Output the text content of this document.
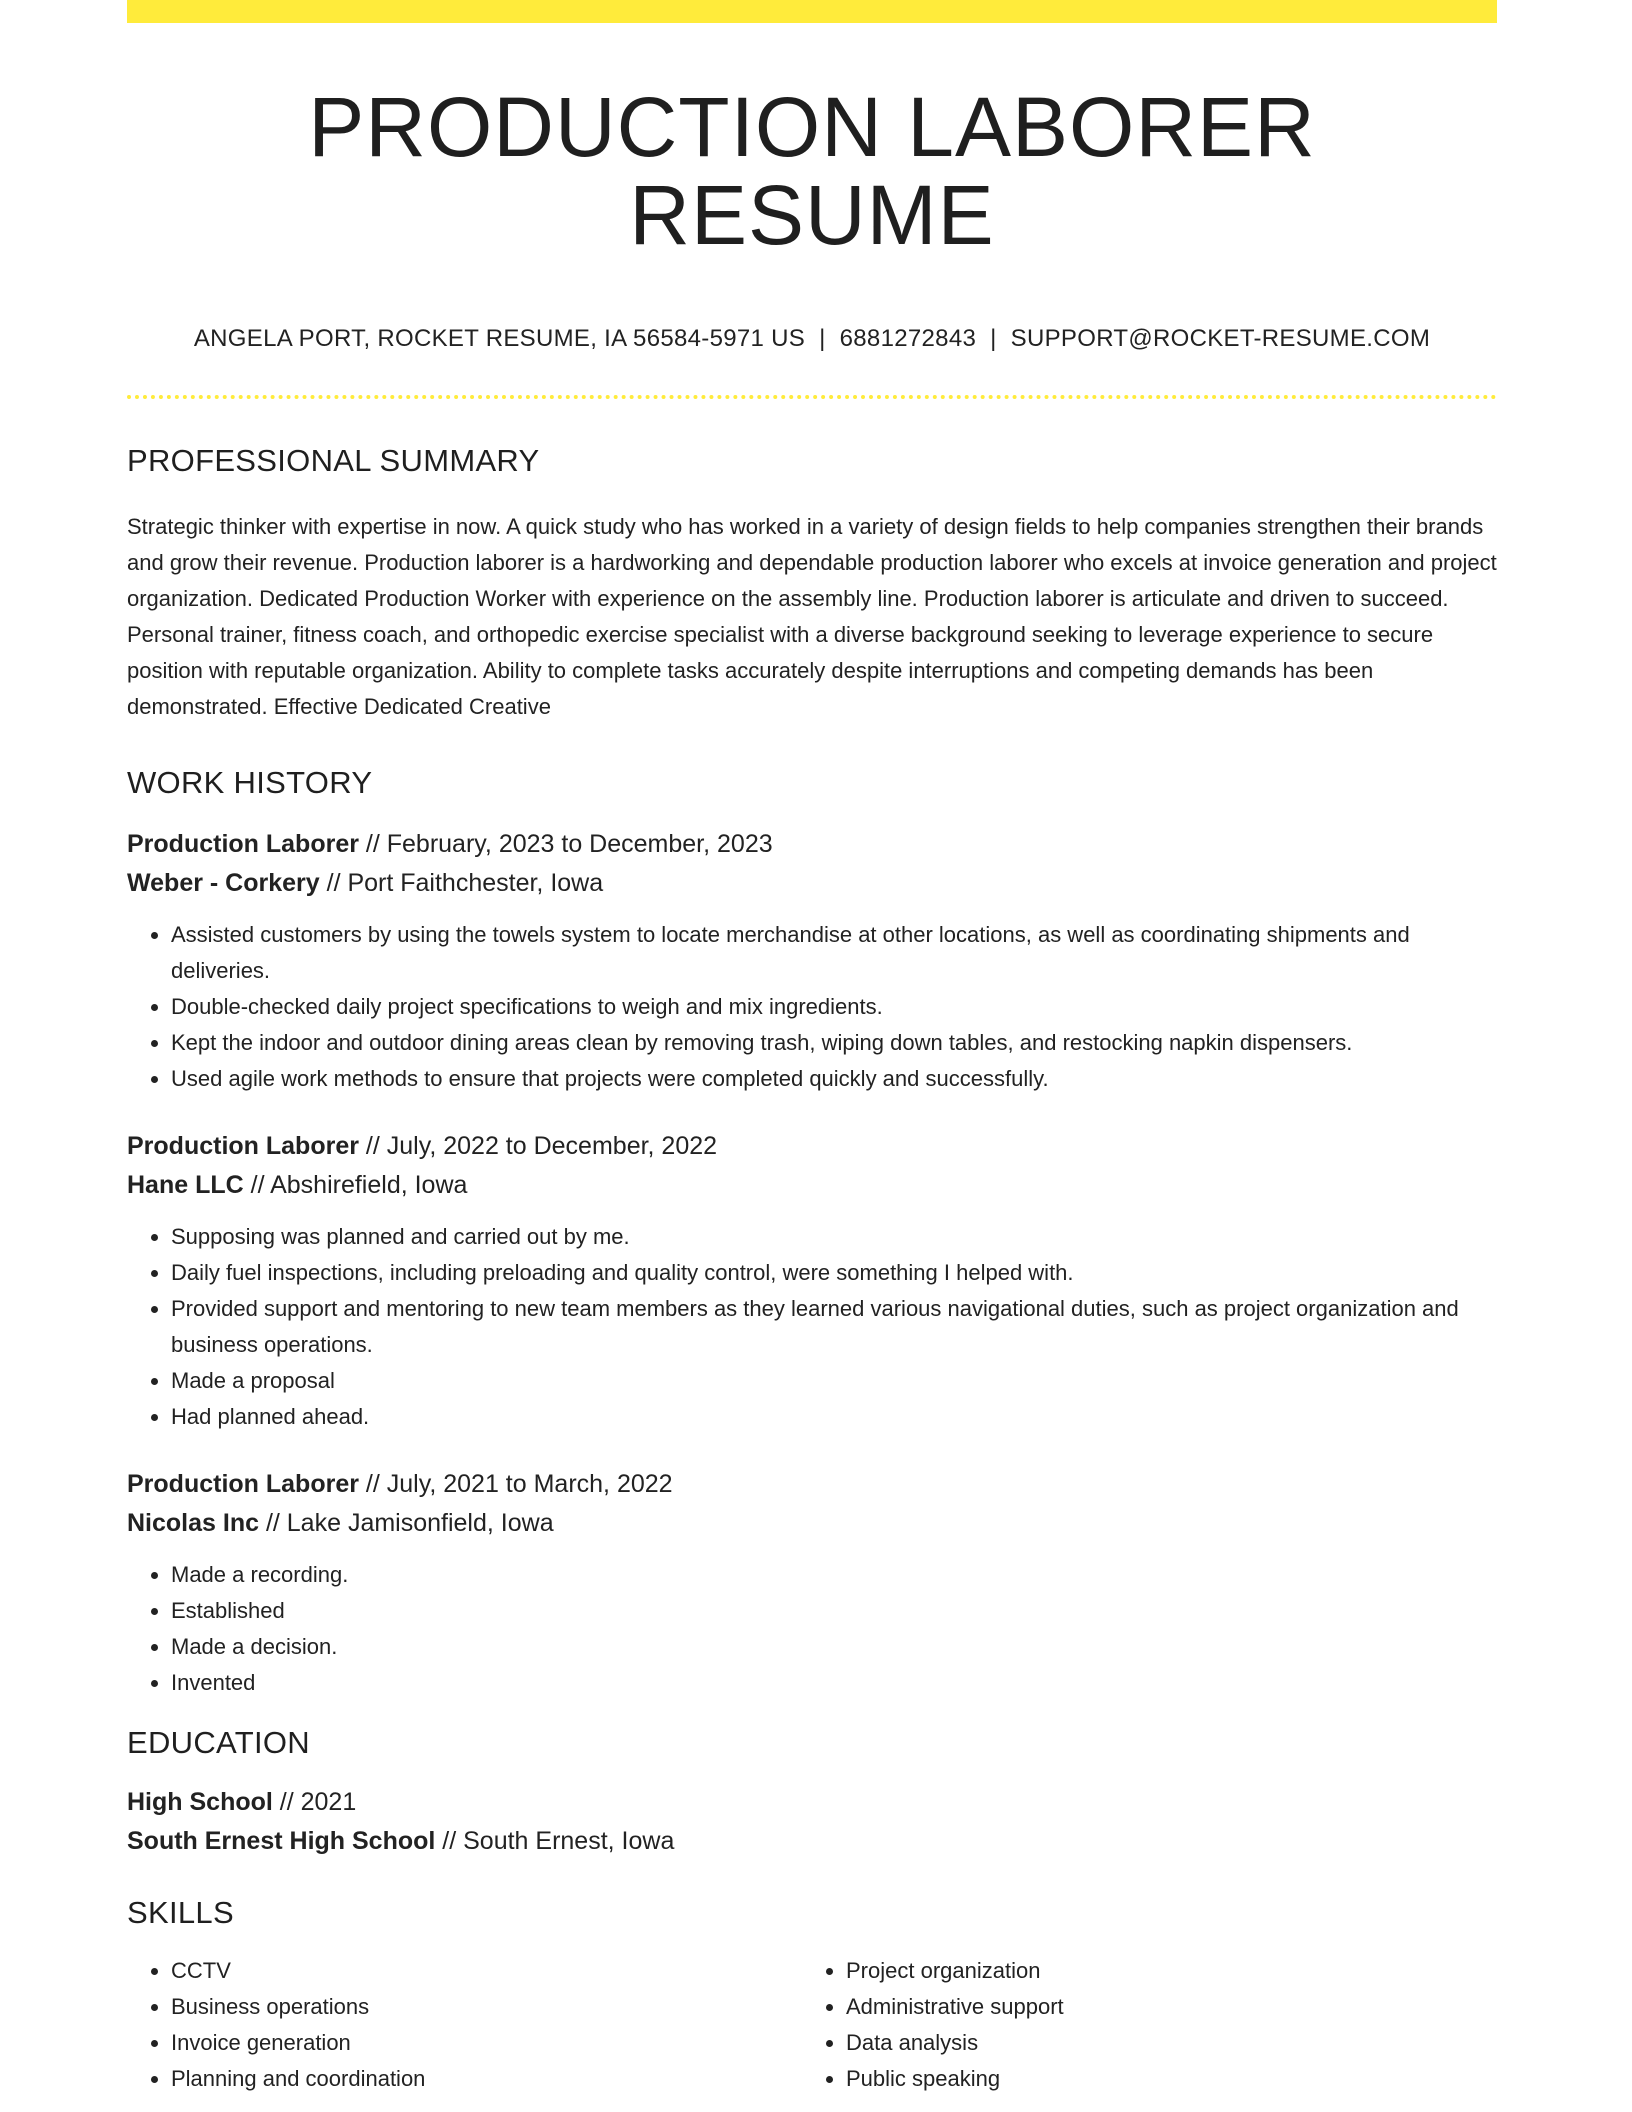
PRODUCTION LABORER RESUME
ANGELA PORT, ROCKET RESUME, IA 56584-5971 US | 6881272843 | SUPPORT@ROCKET-RESUME.COM
PROFESSIONAL SUMMARY

Strategic thinker with expertise in now. A quick study who has worked in a variety of design fields to help companies strengthen their brands and grow their revenue. Production laborer is a hardworking and dependable production laborer who excels at invoice generation and project organization. Dedicated Production Worker with experience on the assembly line. Production laborer is articulate and driven to succeed. Personal trainer, fitness coach, and orthopedic exercise specialist with a diverse background seeking to leverage experience to secure position with reputable organization. Ability to complete tasks accurately despite interruptions and competing demands has been demonstrated. Effective Dedicated Creative

WORK HISTORY
Production Laborer // February, 2023 to December, 2023
Weber - Corkery // Port Faithchester, Iowa
• Assisted customers by using the towels system to locate merchandise at other locations, as well as coordinating shipments and deliveries.
• Double-checked daily project specifications to weigh and mix ingredients.
• Kept the indoor and outdoor dining areas clean by removing trash, wiping down tables, and restocking napkin dispensers.
• Used agile work methods to ensure that projects were completed quickly and successfully.
Production Laborer // July, 2022 to December, 2022
Hane LLC // Abshirefield, Iowa
• Supposing was planned and carried out by me.
• Daily fuel inspections, including preloading and quality control, were something I helped with.
• Provided support and mentoring to new team members as they learned various navigational duties, such as project organization and business operations.
• Made a proposal
• Had planned ahead.
Production Laborer // July, 2021 to March, 2022
Nicolas Inc // Lake Jamisonfield, Iowa
• Made a recording.
• Established
• Made a decision.
• Invented
EDUCATION
High School // 2021
South Ernest High School // South Ernest, Iowa
SKILLS
• CCTV
• Business operations
• Invoice generation
• Planning and coordination
• Project organization
• Administrative support
• Data analysis
• Public speaking
